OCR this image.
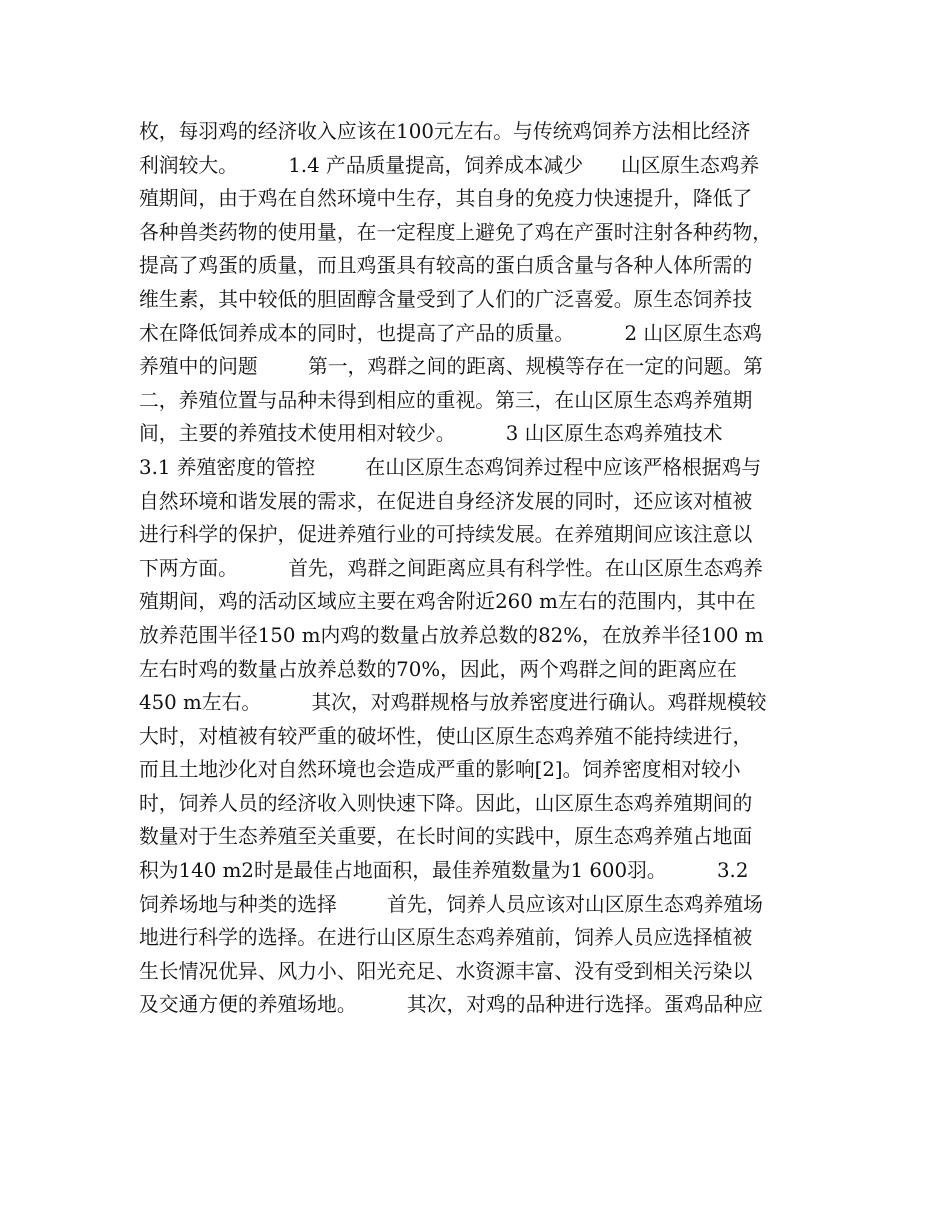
枚，每羽鸡的经济收入应该在100元左右。与传统鸡饲养方法相比经济
利润较大。        1.4 产品质量提高，饲养成本减少      山区原生态鸡养
殖期间，由于鸡在自然环境中生存，其自身的免疫力快速提升，降低了
各种兽类药物的使用量，在一定程度上避免了鸡在产蛋时注射各种药物，
提高了鸡蛋的质量，而且鸡蛋具有较高的蛋白质含量与各种人体所需的
维生素，其中较低的胆固醇含量受到了人们的广泛喜爱。原生态饲养技
术在降低饲养成本的同时，也提高了产品的质量。        2 山区原生态鸡
养殖中的问题        第一，鸡群之间的距离、规模等存在一定的问题。第
二，养殖位置与品种未得到相应的重视。第三，在山区原生态鸡养殖期
间，主要的养殖技术使用相对较少。        3 山区原生态鸡养殖技术
3.1 养殖密度的管控        在山区原生态鸡饲养过程中应该严格根据鸡与
自然环境和谐发展的需求，在促进自身经济发展的同时，还应该对植被
进行科学的保护，促进养殖行业的可持续发展。在养殖期间应该注意以
下两方面。        首先，鸡群之间距离应具有科学性。在山区原生态鸡养
殖期间，鸡的活动区域应主要在鸡舍附近260 m左右的范围内，其中在
放养范围半径150 m内鸡的数量占放养总数的82%，在放养半径100 m
左右时鸡的数量占放养总数的70%，因此，两个鸡群之间的距离应在
450 m左右。        其次，对鸡群规格与放养密度进行确认。鸡群规模较
大时，对植被有较严重的破坏性，使山区原生态鸡养殖不能持续进行，
而且土地沙化对自然环境也会造成严重的影响[2]。饲养密度相对较小
时，饲养人员的经济收入则快速下降。因此，山区原生态鸡养殖期间的
数量对于生态养殖至关重要，在长时间的实践中，原生态鸡养殖占地面
积为140 m2时是最佳占地面积，最佳养殖数量为1 600羽。        3.2
饲养场地与种类的选择        首先，饲养人员应该对山区原生态鸡养殖场
地进行科学的选择。在进行山区原生态鸡养殖前，饲养人员应选择植被
生长情况优异、风力小、阳光充足、水资源丰富、没有受到相关污染以
及交通方便的养殖场地。        其次，对鸡的品种进行选择。蛋鸡品种应
